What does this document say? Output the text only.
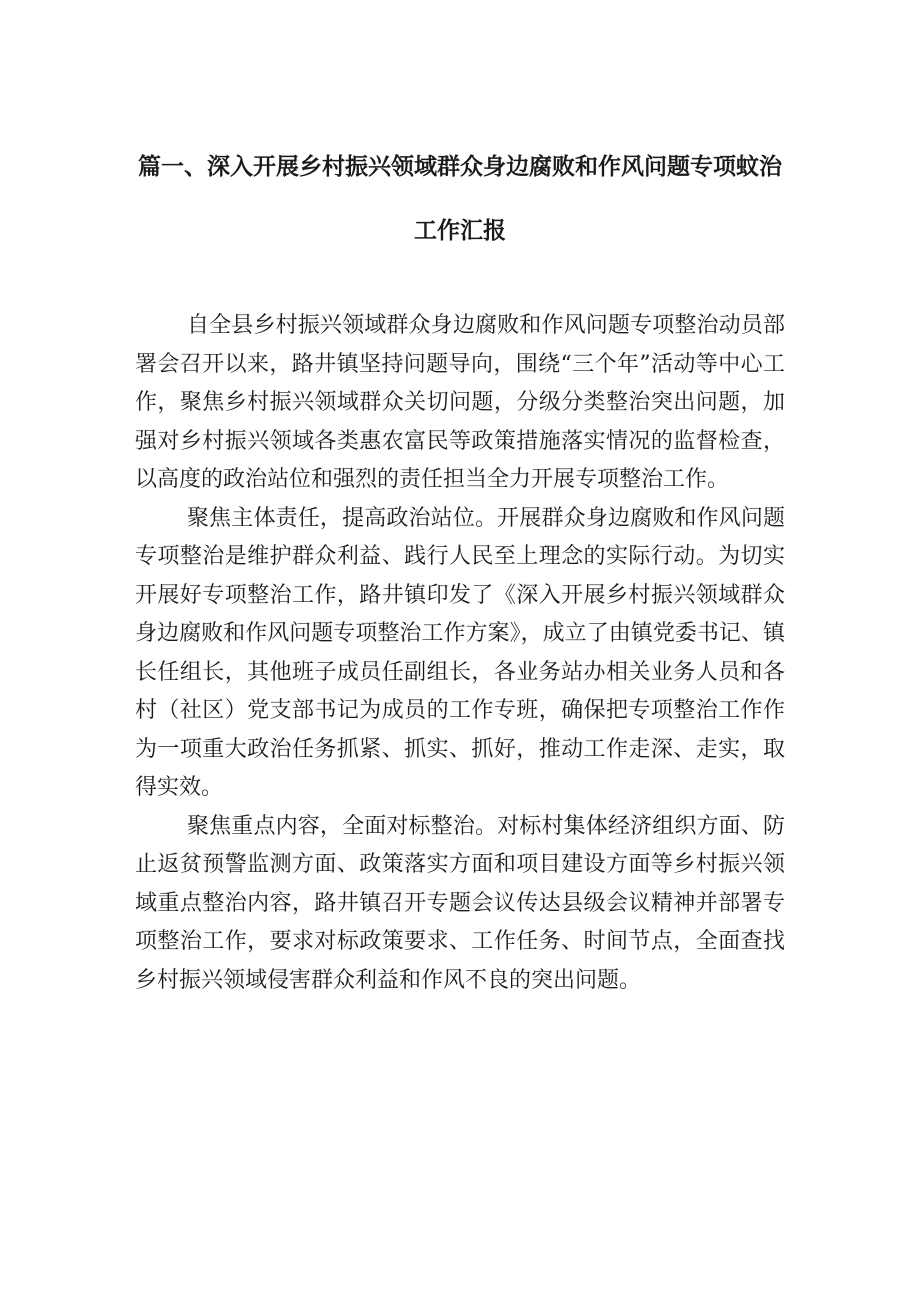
篇一、深入开展乡村振兴领域群众身边腐败和作风问题专项蚊治
工作汇报

自全县乡村振兴领域群众身边腐败和作风问题专项整治动员部署会召开以来，路井镇坚持问题导向，围绕“三个年”活动等中心工作，聚焦乡村振兴领域群众关切问题，分级分类整治突出问题，加强对乡村振兴领域各类惠农富民等政策措施落实情况的监督检查，以高度的政治站位和强烈的责任担当全力开展专项整治工作。

聚焦主体责任，提高政治站位。开展群众身边腐败和作风问题专项整治是维护群众利益、践行人民至上理念的实际行动。为切实开展好专项整治工作，路井镇印发了《深入开展乡村振兴领域群众身边腐败和作风问题专项整治工作方案》，成立了由镇党委书记、镇长任组长，其他班子成员任副组长，各业务站办相关业务人员和各村（社区）党支部书记为成员的工作专班，确保把专项整治工作作为一项重大政治任务抓紧、抓实、抓好，推动工作走深、走实，取得实效。

聚焦重点内容，全面对标整治。对标村集体经济组织方面、防止返贫预警监测方面、政策落实方面和项目建设方面等乡村振兴领域重点整治内容，路井镇召开专题会议传达县级会议精神并部署专项整治工作，要求对标政策要求、工作任务、时间节点，全面查找乡村振兴领域侵害群众利益和作风不良的突出问题。
